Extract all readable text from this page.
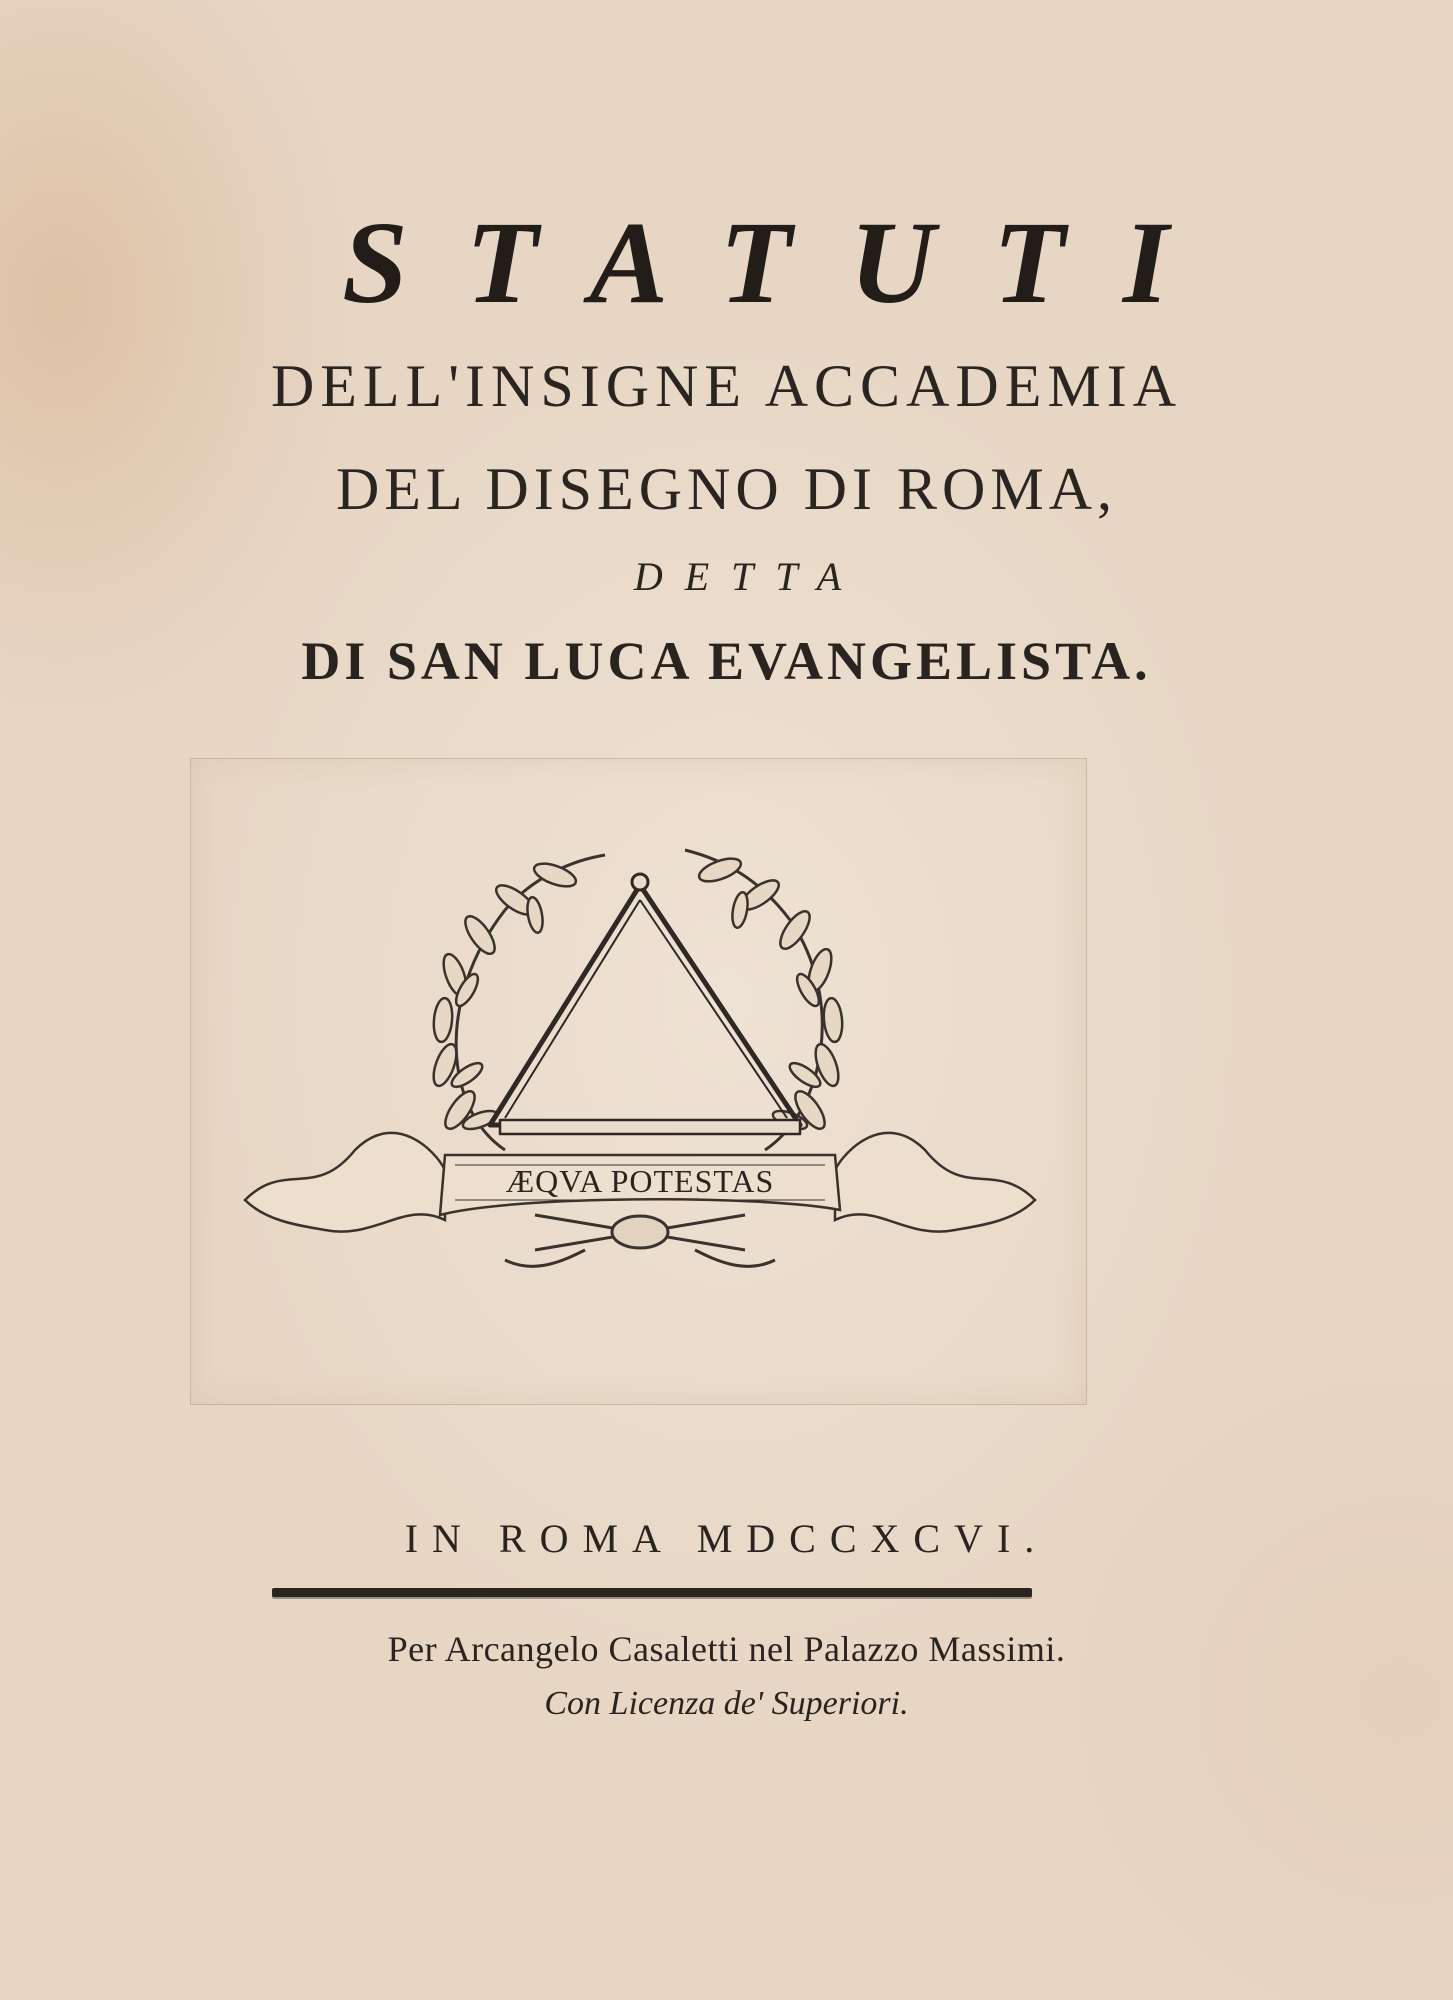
STATUTI
DELL'INSIGNE ACCADEMIA
DEL DISEGNO DI ROMA,
DETTA
DI SAN LUCA EVANGELISTA.
ÆQVA POTESTAS
IN ROMA MDCCXCVI.
Per Arcangelo Casaletti nel Palazzo Massimi.
Con Licenza de' Superiori.
